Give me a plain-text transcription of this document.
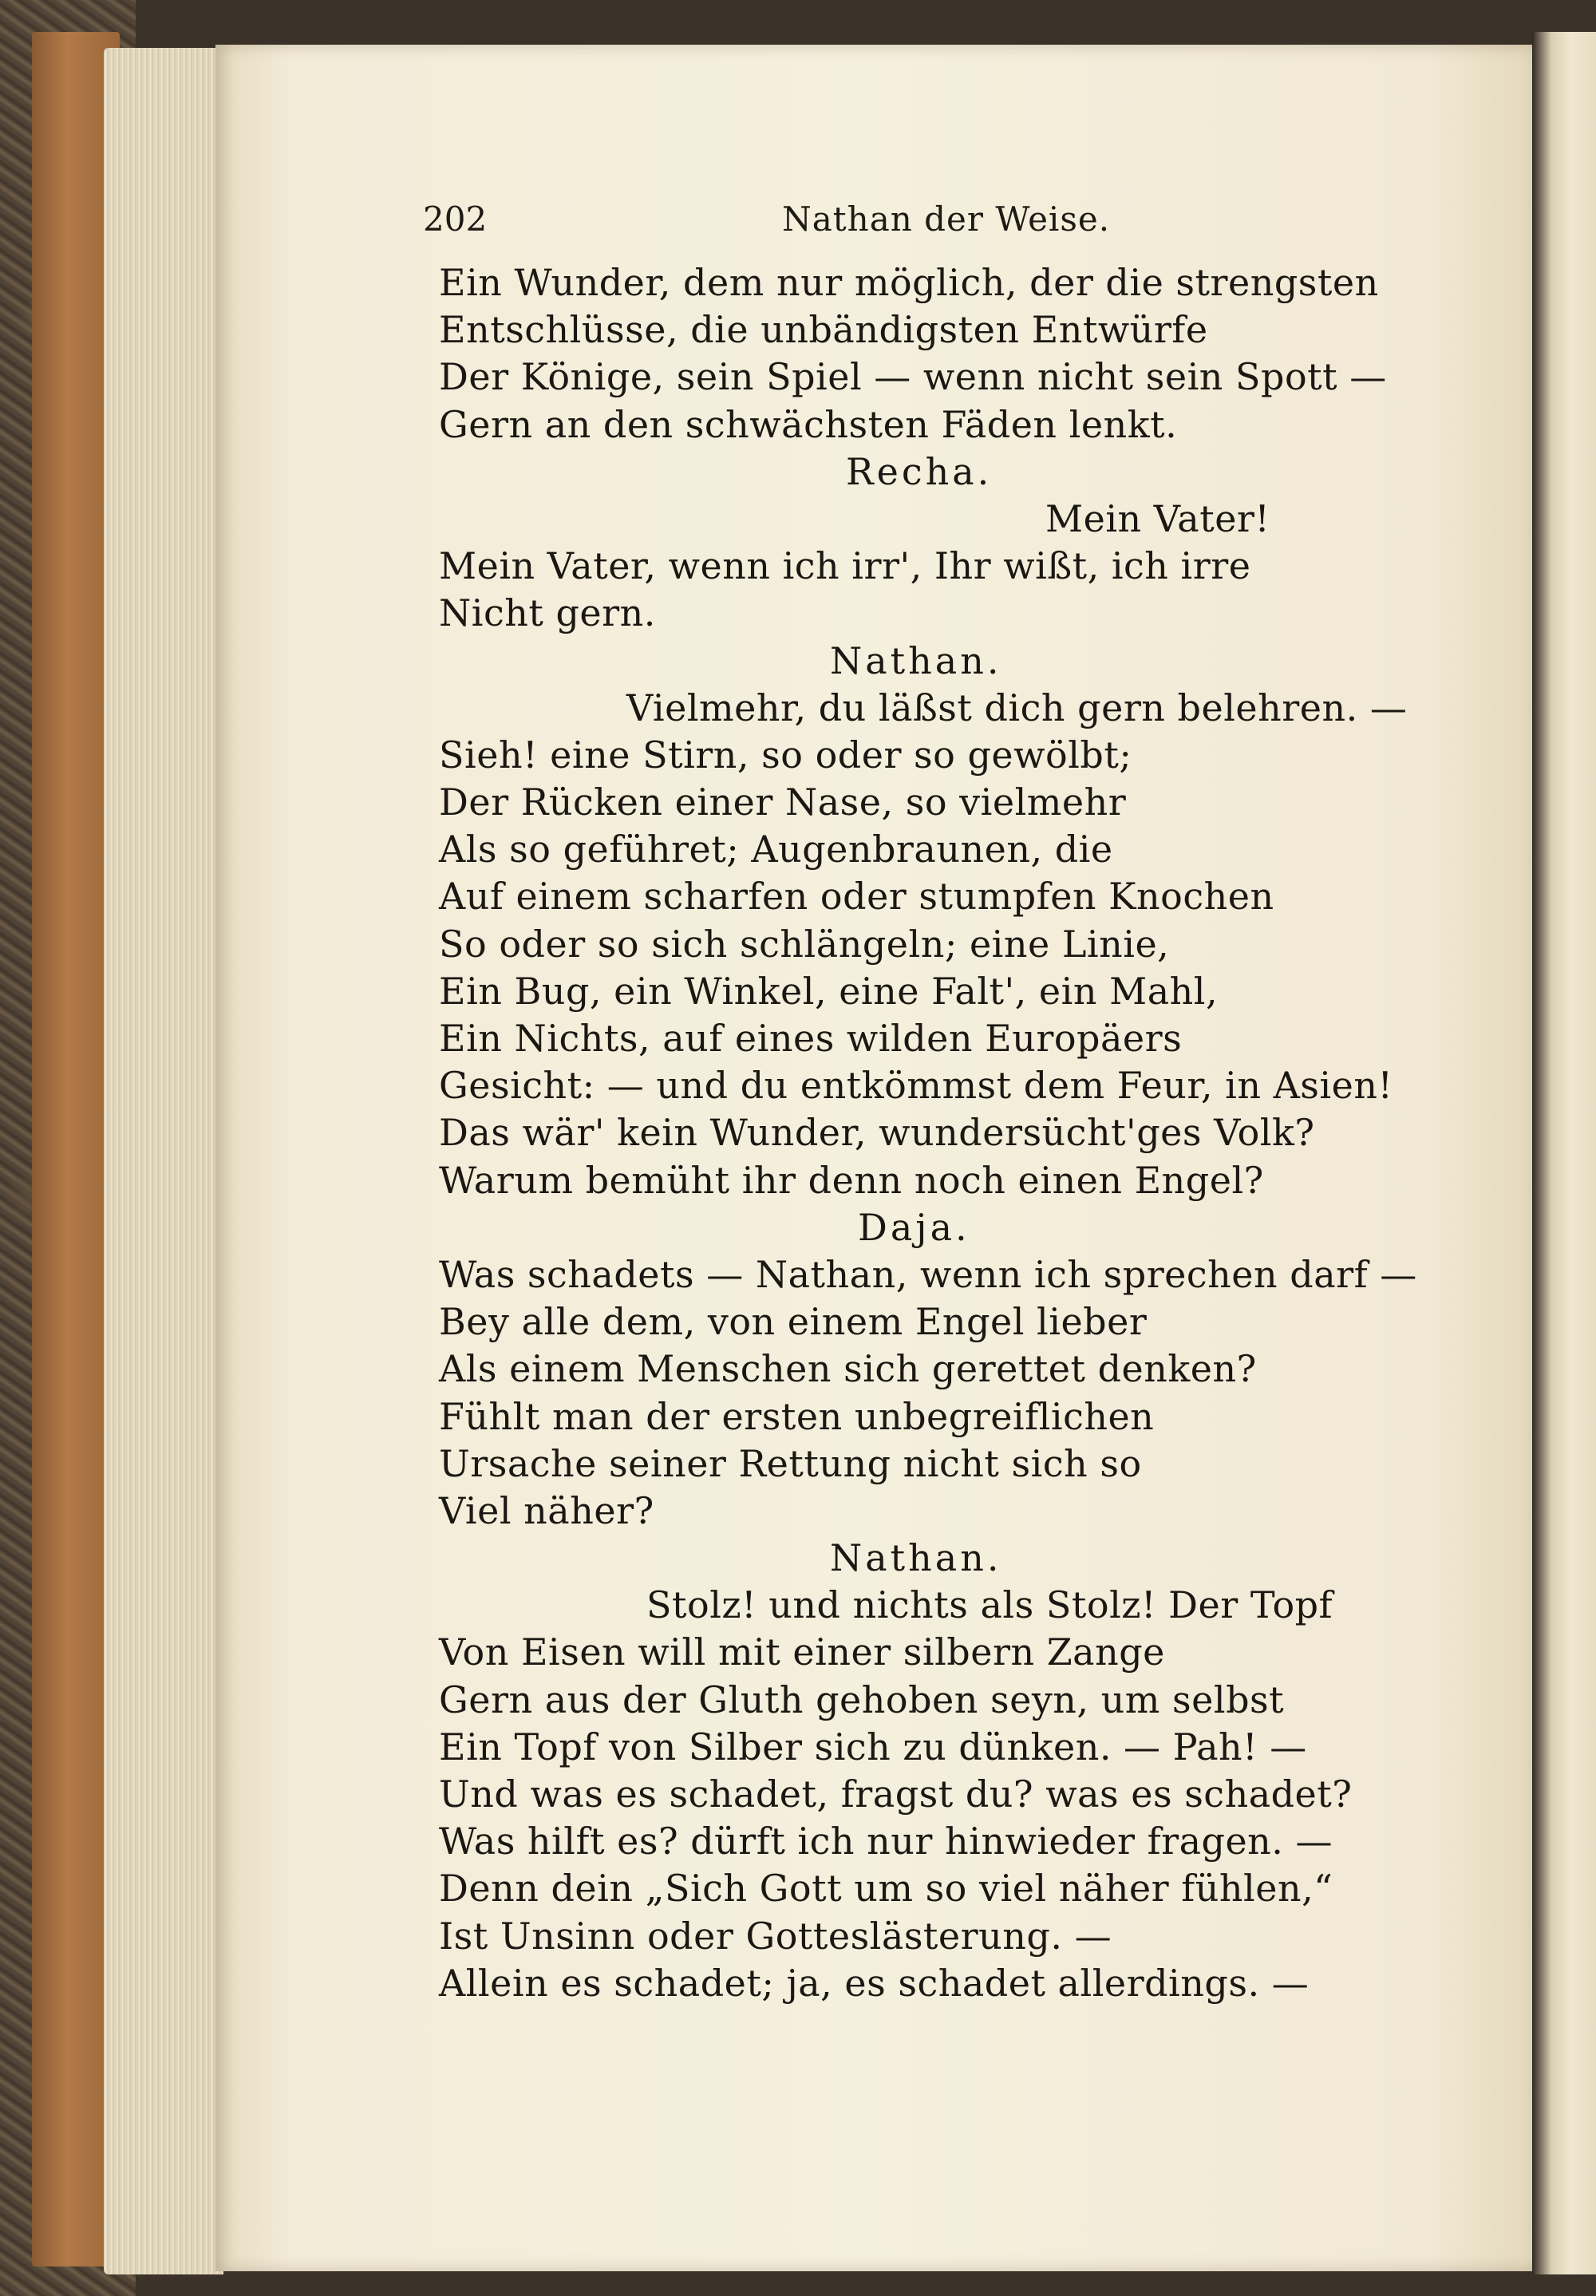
202	Nathan der Weise.
Ein Wunder, dem nur möglich, der die strengsten
Entschlüsse, die unbändigsten Entwürfe
Der Könige, sein Spiel — wenn nicht sein Spott —
Gern an den schwächsten Fäden lenkt.
Recha.
Mein Vater!
Mein Vater, wenn ich irr', Ihr wißt, ich irre
Nicht gern.
Nathan.
Vielmehr, du läßst dich gern belehren. —
Sieh! eine Stirn, so oder so gewölbt;
Der Rücken einer Nase, so vielmehr
Als so geführet; Augenbraunen, die
Auf einem scharfen oder stumpfen Knochen
So oder so sich schlängeln; eine Linie,
Ein Bug, ein Winkel, eine Falt', ein Mahl,
Ein Nichts, auf eines wilden Europäers
Gesicht: — und du entkömmst dem Feur, in Asien!
Das wär' kein Wunder, wundersücht'ges Volk?
Warum bemüht ihr denn noch einen Engel?
Daja.
Was schadets — Nathan, wenn ich sprechen darf —
Bey alle dem, von einem Engel lieber
Als einem Menschen sich gerettet denken?
Fühlt man der ersten unbegreiflichen
Ursache seiner Rettung nicht sich so
Viel näher?
Nathan.
Stolz! und nichts als Stolz! Der Topf
Von Eisen will mit einer silbern Zange
Gern aus der Gluth gehoben seyn, um selbst
Ein Topf von Silber sich zu dünken. — Pah! —
Und was es schadet, fragst du? was es schadet?
Was hilft es? dürft ich nur hinwieder fragen. —
Denn dein „Sich Gott um so viel näher fühlen,“
Ist Unsinn oder Gotteslästerung. —
Allein es schadet; ja, es schadet allerdings. —
